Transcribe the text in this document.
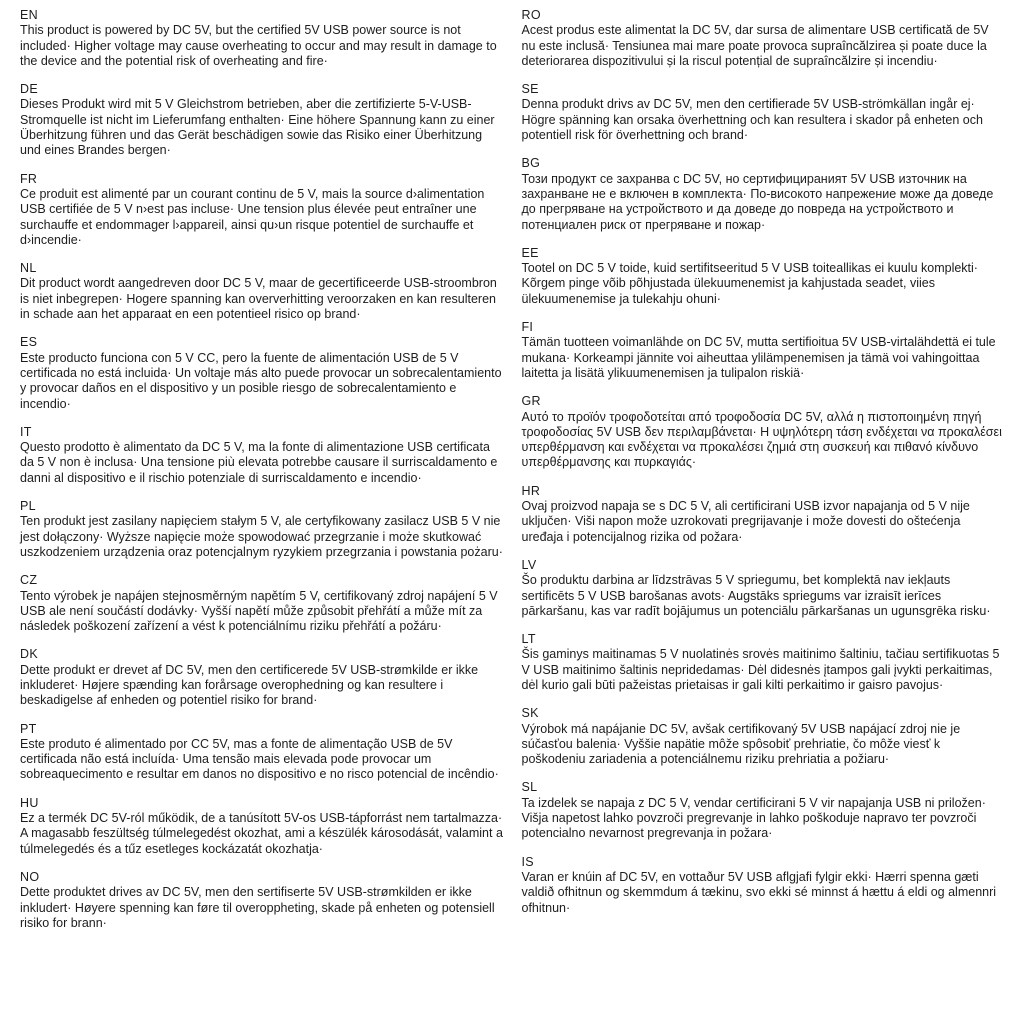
EN

This product is powered by DC 5V, but the certified 5V USB power source is not included· Higher voltage may cause overheating to occur and may result in damage to the device and the potential risk of overheating and fire·

DE

Dieses Produkt wird mit 5 V Gleichstrom betrieben, aber die zertifizierte 5-V-USB-Stromquelle ist nicht im Lieferumfang enthalten· Eine höhere Spannung kann zu einer Überhitzung führen und das Gerät beschädigen sowie das Risiko einer Überhitzung und eines Brandes bergen·

FR

Ce produit est alimenté par un courant continu de 5 V, mais la source d›alimentation USB certifiée de 5 V n›est pas incluse· Une tension plus élevée peut entraîner une surchauffe et endommager l›appareil, ainsi qu›un risque potentiel de surchauffe et d›incendie·

NL

Dit product wordt aangedreven door DC 5 V, maar de gecertificeerde USB-stroombron is niet inbegrepen· Hogere spanning kan oververhitting veroorzaken en kan resulteren in schade aan het apparaat en een potentieel risico op brand·

ES

Este producto funciona con 5 V CC, pero la fuente de alimentación USB de 5 V certificada no está incluida· Un voltaje más alto puede provocar un sobrecalentamiento y provocar daños en el dispositivo y un posible riesgo de sobrecalentamiento e incendio·

IT

Questo prodotto è alimentato da DC 5 V, ma la fonte di alimentazione USB certificata da 5 V non è inclusa· Una tensione più elevata potrebbe causare il surriscaldamento e danni al dispositivo e il rischio potenziale di surriscaldamento e incendio·

PL

Ten produkt jest zasilany napięciem stałym 5 V, ale certyfikowany zasilacz USB 5 V nie jest dołączony· Wyższe napięcie może spowodować przegrzanie i może skutkować uszkodzeniem urządzenia oraz potencjalnym ryzykiem przegrzania i powstania pożaru·

CZ

Tento výrobek je napájen stejnosměrným napětím 5 V, certifikovaný zdroj napájení 5 V USB ale není součástí dodávky· Vyšší napětí může způsobit přehřátí a může mít za následek poškození zařízení a vést k potenciálnímu riziku přehřátí a požáru·

DK

Dette produkt er drevet af DC 5V, men den certificerede 5V USB-strømkilde er ikke inkluderet· Højere spænding kan forårsage overophedning og kan resultere i beskadigelse af enheden og potentiel risiko for brand·

PT

Este produto é alimentado por CC 5V, mas a fonte de alimentação USB de 5V certificada não está incluída· Uma tensão mais elevada pode provocar um sobreaquecimento e resultar em danos no dispositivo e no risco potencial de incêndio·

HU

Ez a termék DC 5V-ról működik, de a tanúsított 5V-os USB-tápforrást nem tartalmazza· A magasabb feszültség túlmelegedést okozhat, ami a készülék károsodását, valamint a túlmelegedés és a tűz esetleges kockázatát okozhatja·

NO

Dette produktet drives av DC 5V, men den sertifiserte 5V USB-strømkilden er ikke inkludert· Høyere spenning kan føre til overoppheting, skade på enheten og potensiell risiko for brann·

RO

Acest produs este alimentat la DC 5V, dar sursa de alimentare USB certificată de 5V nu este inclusă· Tensiunea mai mare poate provoca supraîncălzirea și poate duce la deteriorarea dispozitivului și la riscul potențial de supraîncălzire și incendiu·

SE

Denna produkt drivs av DC 5V, men den certifierade 5V USB-strömkällan ingår ej· Högre spänning kan orsaka överhettning och kan resultera i skador på enheten och potentiell risk för överhettning och brand·

BG

Този продукт се захранва с DC 5V, но сертифицираният 5V USB източник на захранване не е включен в комплекта· По-високото напрежение може да доведе до прегряване на устройството и да доведе до повреда на устройството и потенциален риск от прегряване и пожар·

EE

Tootel on DC 5 V toide, kuid sertifitseeritud 5 V USB toiteallikas ei kuulu komplekti· Kõrgem pinge võib põhjustada ülekuumenemist ja kahjustada seadet, viies ülekuumenemise ja tulekahju ohuni·

FI

Tämän tuotteen voimanlähde on DC 5V, mutta sertifioitua 5V USB-virtalähdettä ei tule mukana· Korkeampi jännite voi aiheuttaa ylilämpenemisen ja tämä voi vahingoittaa laitetta ja lisätä ylikuumenemisen ja tulipalon riskiä·

GR

Αυτό το προϊόν τροφοδοτείται από τροφοδοσία DC 5V, αλλά η πιστοποιημένη πηγή τροφοδοσίας 5V USB δεν περιλαμβάνεται· Η υψηλότερη τάση ενδέχεται να προκαλέσει υπερθέρμανση και ενδέχεται να προκαλέσει ζημιά στη συσκευή και πιθανό κίνδυνο υπερθέρμανσης και πυρκαγιάς·

HR

Ovaj proizvod napaja se s DC 5 V, ali certificirani USB izvor napajanja od 5 V nije uključen· Viši napon može uzrokovati pregrijavanje i može dovesti do oštećenja uređaja i potencijalnog rizika od požara·

LV

Šo produktu darbina ar līdzstrāvas 5 V spriegumu, bet komplektā nav iekļauts sertificēts 5 V USB barošanas avots· Augstāks spriegums var izraisīt ierīces pārkaršanu, kas var radīt bojājumus un potenciālu pārkaršanas un ugunsgrēka risku·

LT

Šis gaminys maitinamas 5 V nuolatinės srovės maitinimo šaltiniu, tačiau sertifikuotas 5 V USB maitinimo šaltinis nepridedamas· Dėl didesnės įtampos gali įvykti perkaitimas, dėl kurio gali būti pažeistas prietaisas ir gali kilti perkaitimo ir gaisro pavojus·

SK

Výrobok má napájanie DC 5V, avšak certifikovaný 5V USB napájací zdroj nie je súčasťou balenia· Vyššie napätie môže spôsobiť prehriatie, čo môže viesť k poškodeniu zariadenia a potenciálnemu riziku prehriatia a požiaru·

SL

Ta izdelek se napaja z DC 5 V, vendar certificirani 5 V vir napajanja USB ni priložen· Višja napetost lahko povzroči pregrevanje in lahko poškoduje napravo ter povzroči potencialno nevarnost pregrevanja in požara·

IS

Varan er knúin af DC 5V, en vottaður 5V USB aflgjafi fylgir ekki· Hærri spenna gæti valdið ofhitnun og skemmdum á tækinu, svo ekki sé minnst á hættu á eldi og almennri ofhitnun·
